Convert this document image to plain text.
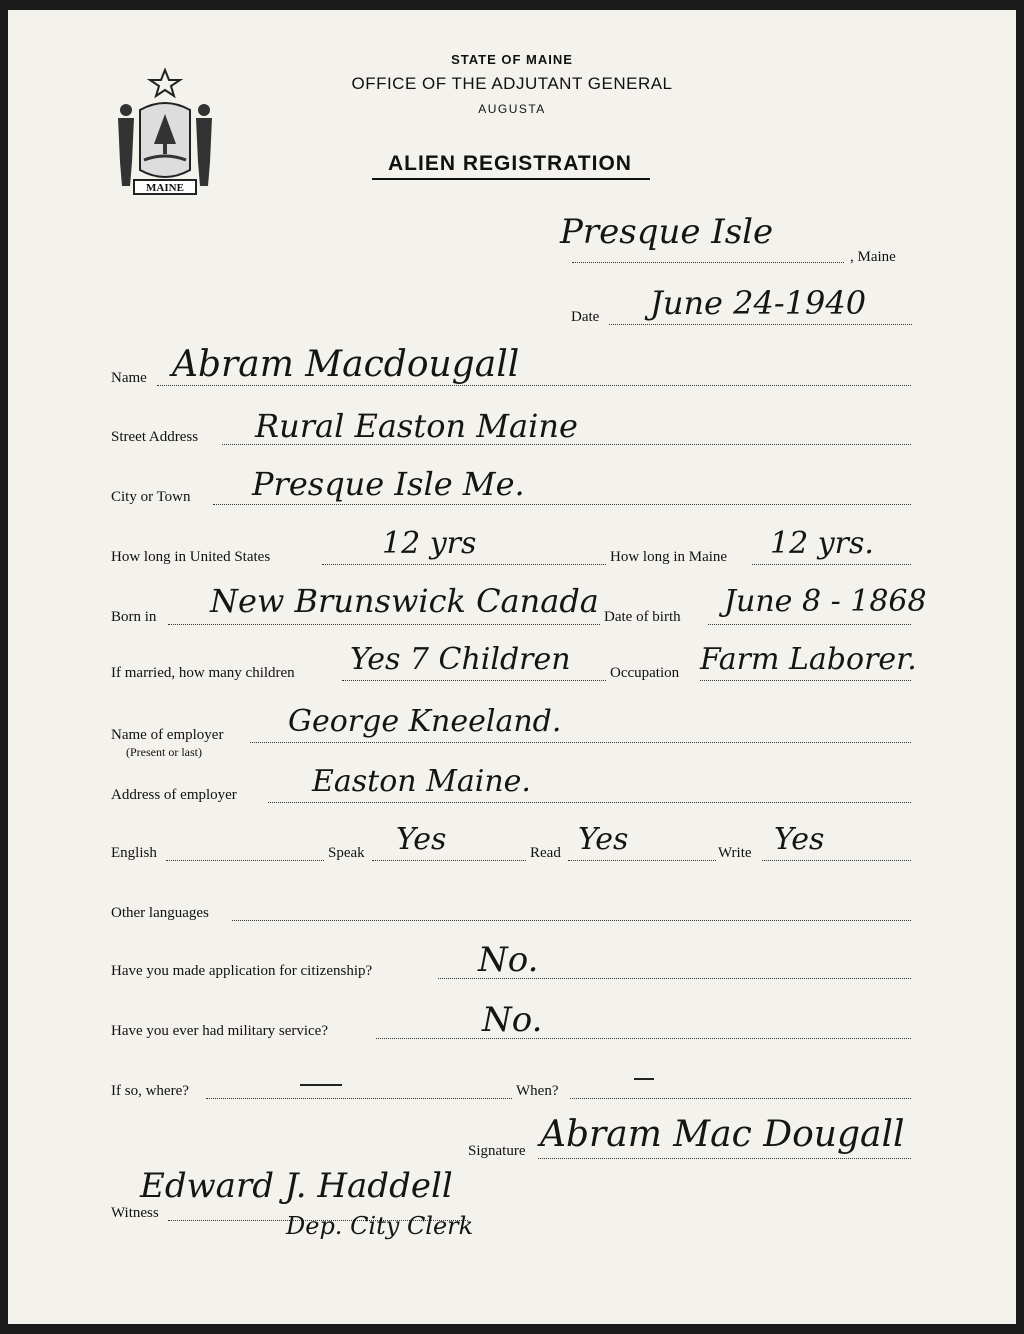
MAINE
STATE OF MAINE
OFFICE OF THE ADJUTANT GENERAL
AUGUSTA
ALIEN REGISTRATION
Presque Isle
, Maine
Date June 24-1940
Name Abram Macdougall
Street Address Rural Easton Maine
City or Town Presque Isle Me.
How long in United States	12 yrs	How long in Maine 12 yrs.
Born in New Brunswick Canada Date of birth June 8 - 1868
If married, how many children Yes 7 Children	Occupation Farm Laborer.
Name of employer
(Present or last)
George Kneeland.
Address of employer	Easton Maine.
English	Speak Yes	Read Yes	Write Yes
Other languages
Have you made application for citizenship?	No.
Have you ever had military service?	No.
If so, where?	When?
Signature Abram Mac Dougall
Witness
Edward J. Haddell
Dep. City Clerk
